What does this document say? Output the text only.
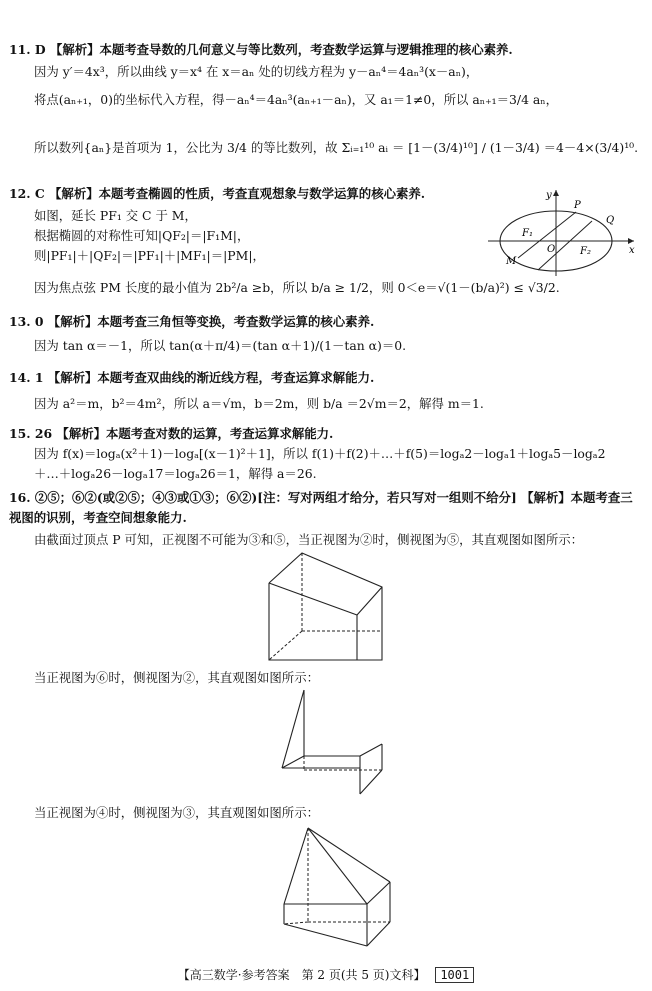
11. D 【解析】本题考查导数的几何意义与等比数列，考查数学运算与逻辑推理的核心素养.
因为 y′＝4x³，所以曲线 y＝x⁴ 在 x＝aₙ 处的切线方程为 y－aₙ⁴＝4aₙ³(x－aₙ)，
将点(aₙ₊₁，0)的坐标代入方程，得－aₙ⁴＝4aₙ³(aₙ₊₁－aₙ)，又 a₁＝1≠0，所以 aₙ₊₁＝3/4 aₙ，
所以数列{aₙ}是首项为 1，公比为 3/4 的等比数列，故 Σᵢ₌₁¹⁰ aᵢ ＝ [1－(3/4)¹⁰] / (1－3/4) ＝4－4×(3/4)¹⁰.
12. C 【解析】本题考查椭圆的性质，考查直观想象与数学运算的核心素养.
如图，延长 PF₁ 交 C 于 M，
根据椭圆的对称性可知|QF₂|＝|F₁M|，
则|PF₁|＋|QF₂|＝|PF₁|＋|MF₁|＝|PM|，
因为焦点弦 PM 长度的最小值为 2b²/a ≥b，所以 b/a ≥ 1/2，则 0＜e＝√(1－(b/a)²) ≤ √3/2.
13. 0 【解析】本题考查三角恒等变换，考查数学运算的核心素养.
因为 tan α＝－1，所以 tan(α＋π/4)＝(tan α＋1)/(1－tan α)＝0.
14. 1 【解析】本题考查双曲线的渐近线方程，考查运算求解能力.
因为 a²＝m，b²＝4m²，所以 a＝√m，b＝2m，则 b/a ＝2√m＝2，解得 m＝1.
15. 26 【解析】本题考查对数的运算，考查运算求解能力.
因为 f(x)＝logₐ(x²＋1)－logₐ[(x－1)²＋1]，所以 f(1)＋f(2)＋…＋f(5)＝logₐ2－logₐ1＋logₐ5－logₐ2
＋…＋logₐ26－logₐ17＝logₐ26＝1，解得 a＝26.
16. ②⑤；⑥②(或②⑤；④③或①③；⑥②)[注：写对两组才给分，若只写对一组则不给分] 【解析】本题考查三
视图的识别，考查空间想象能力.
由截面过顶点 P 可知，正视图不可能为③和⑤，当正视图为②时，侧视图为⑤，其直观图如图所示：
当正视图为⑥时，侧视图为②，其直观图如图所示：
当正视图为④时，侧视图为③，其直观图如图所示：
y
x
P
Q
F₁
O F₂
M
【高三数学·参考答案　第 2 页(共 5 页)文科】 1001
